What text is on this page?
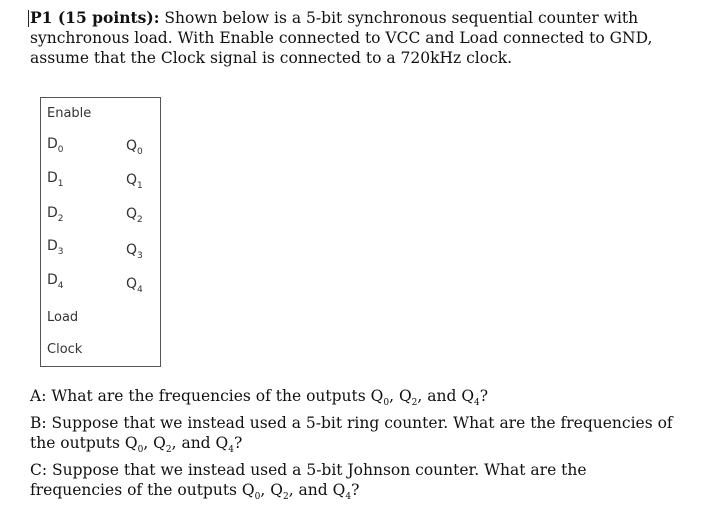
P1 (15 points): Shown below is a 5-bit synchronous sequential counter with synchronous load. With Enable connected to VCC and Load connected to GND, assume that the Clock signal is connected to a 720kHz clock.
Enable
$D_0$
$D_1$
$D_2$
$D_3$
$D_4$
$Q_0$
$Q_1$
$Q_2$
$Q_3$
$Q_4$
Load
Clock

A: What are the frequencies of the outputs $Q_0$, $Q_2$, and $Q_4$?

B: Suppose that we instead used a 5-bit ring counter. What are the frequencies of the outputs $Q_0$, $Q_2$, and $Q_4$?

C: Suppose that we instead used a 5-bit Johnson counter. What are the frequencies of the outputs $Q_0$, $Q_2$, and $Q_4$?
